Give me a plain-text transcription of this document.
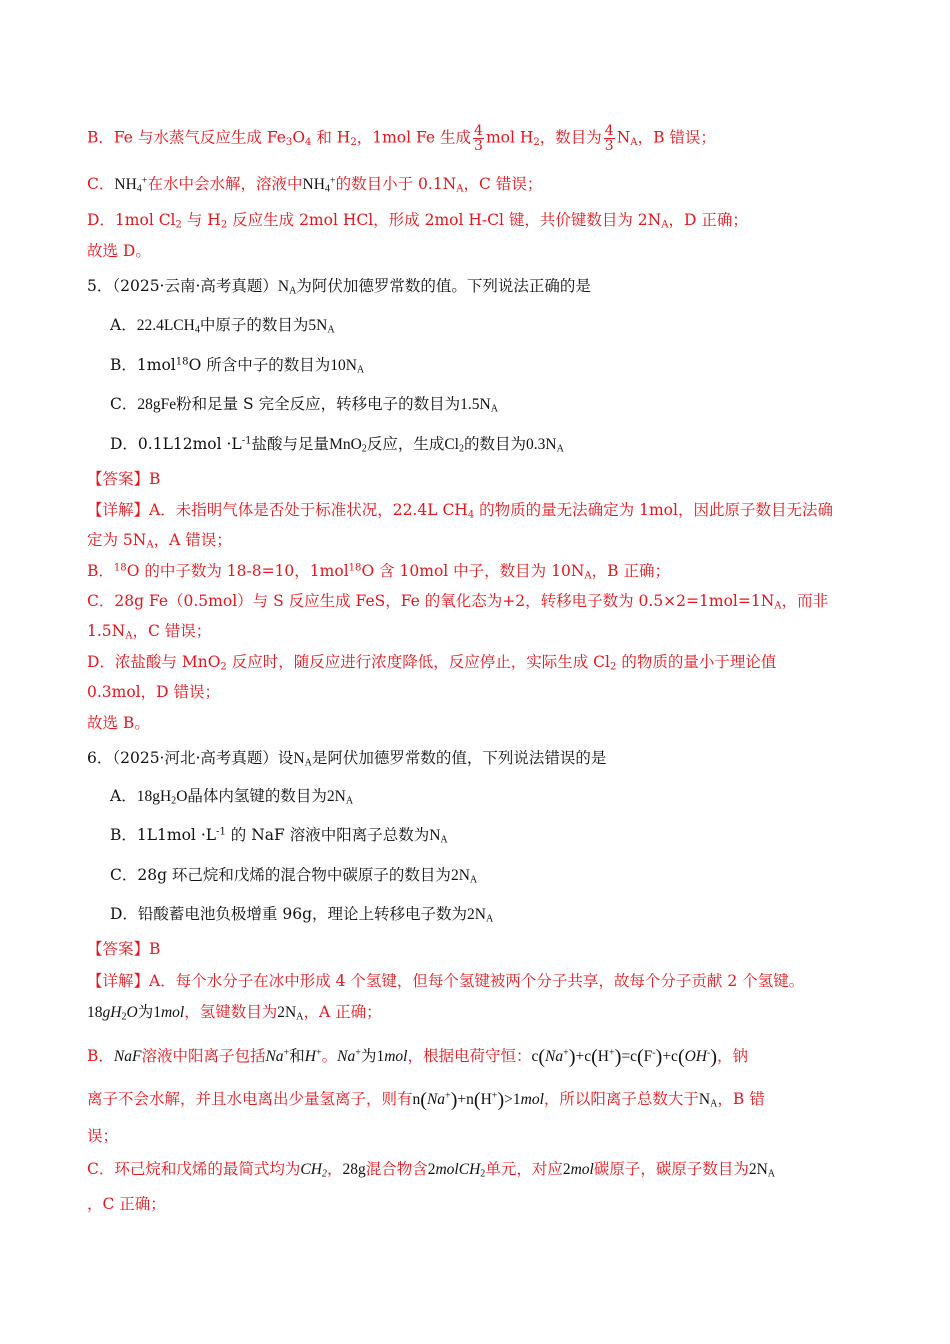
B．Fe 与水蒸气反应生成 $Fe_3O_4$ 和 $H_2$，1mol Fe 生成 $\frac{4}{3}$ mol $H_2$，数目为 $\frac{4}{3} N_A$，B 错误；
C．$NH_4^+$在水中会水解，溶液中$NH_4^+$的数目小于 $0.1N_A$，C 错误；
D．1mol $Cl_2$ 与 $H_2$ 反应生成 2mol HCl，形成 2mol H-Cl 键，共价键数目为 $2N_A$，D 正确；
故选 D。
5．（2025·云南·高考真题）$N_A$为阿伏加德罗常数的值。下列说法正确的是
A．$22.4LCH_4$中原子的数目为$5N_A$
B．1mol$^{18}$O 所含中子的数目为$10N_A$
C．28gFe粉和足量 S 完全反应，转移电子的数目为$1.5N_A$
D．$0.1L12mol \cdot L^{-1}$盐酸与足量MnO$_2$反应，生成$Cl_2$的数目为$0.3N_A$
【答案】B
【详解】A．未指明气体是否处于标准状况，22.4L $CH_4$ 的物质的量无法确定为 1mol，因此原子数目无法确
定为 $5N_A$，A 错误；
B．$^{18}$O 的中子数为 18-8=10，1mol$^{18}$O 含 10mol 中子，数目为 $10N_A$，B 正确；
C．28g Fe（0.5mol）与 S 反应生成 FeS，Fe 的氧化态为+2，转移电子数为 $0.5\times 2=1mol=1N_A$，而非
$1.5N_A$，C 错误；
D．浓盐酸与 MnO$_2$ 反应时，随反应进行浓度降低，反应停止，实际生成 $Cl_2$ 的物质的量小于理论值
0.3mol，D 错误；
故选 B。
6．（2025·河北·高考真题）设$N_A$是阿伏加德罗常数的值，下列说法错误的是
A．$18gH_2O$晶体内氢键的数目为$2N_A$
B．$1L1mol \cdot L^{-1}$ 的 NaF 溶液中阳离子总数为$N_A$
C．28g 环己烷和戊烯的混合物中碳原子的数目为$2N_A$
D．铅酸蓄电池负极增重 96g，理论上转移电子数为$2N_A$
【答案】B
【详解】A．每个水分子在冰中形成 4 个氢键，但每个氢键被两个分子共享，故每个分子贡献 2 个氢键。
$18gH_2O$为1mol，氢键数目为$2N_A$，A 正确；
B．NaF溶液中阳离子包括Na+和H+。Na+为1mol，根据电荷守恒：c(Na+)+c(H+)=c(F-)+c(OH-)，钠
离子不会水解，并且水电离出少量氢离子，则有n(Na+)+n(H+)>1mol，所以阳离子总数大于$N_A$，B 错
误；
C．环己烷和戊烯的最简式均为$CH_2$，28g混合物含2molCH$_2$单元，对应2mol碳原子，碳原子数目为$2N_A$
，C 正确；
